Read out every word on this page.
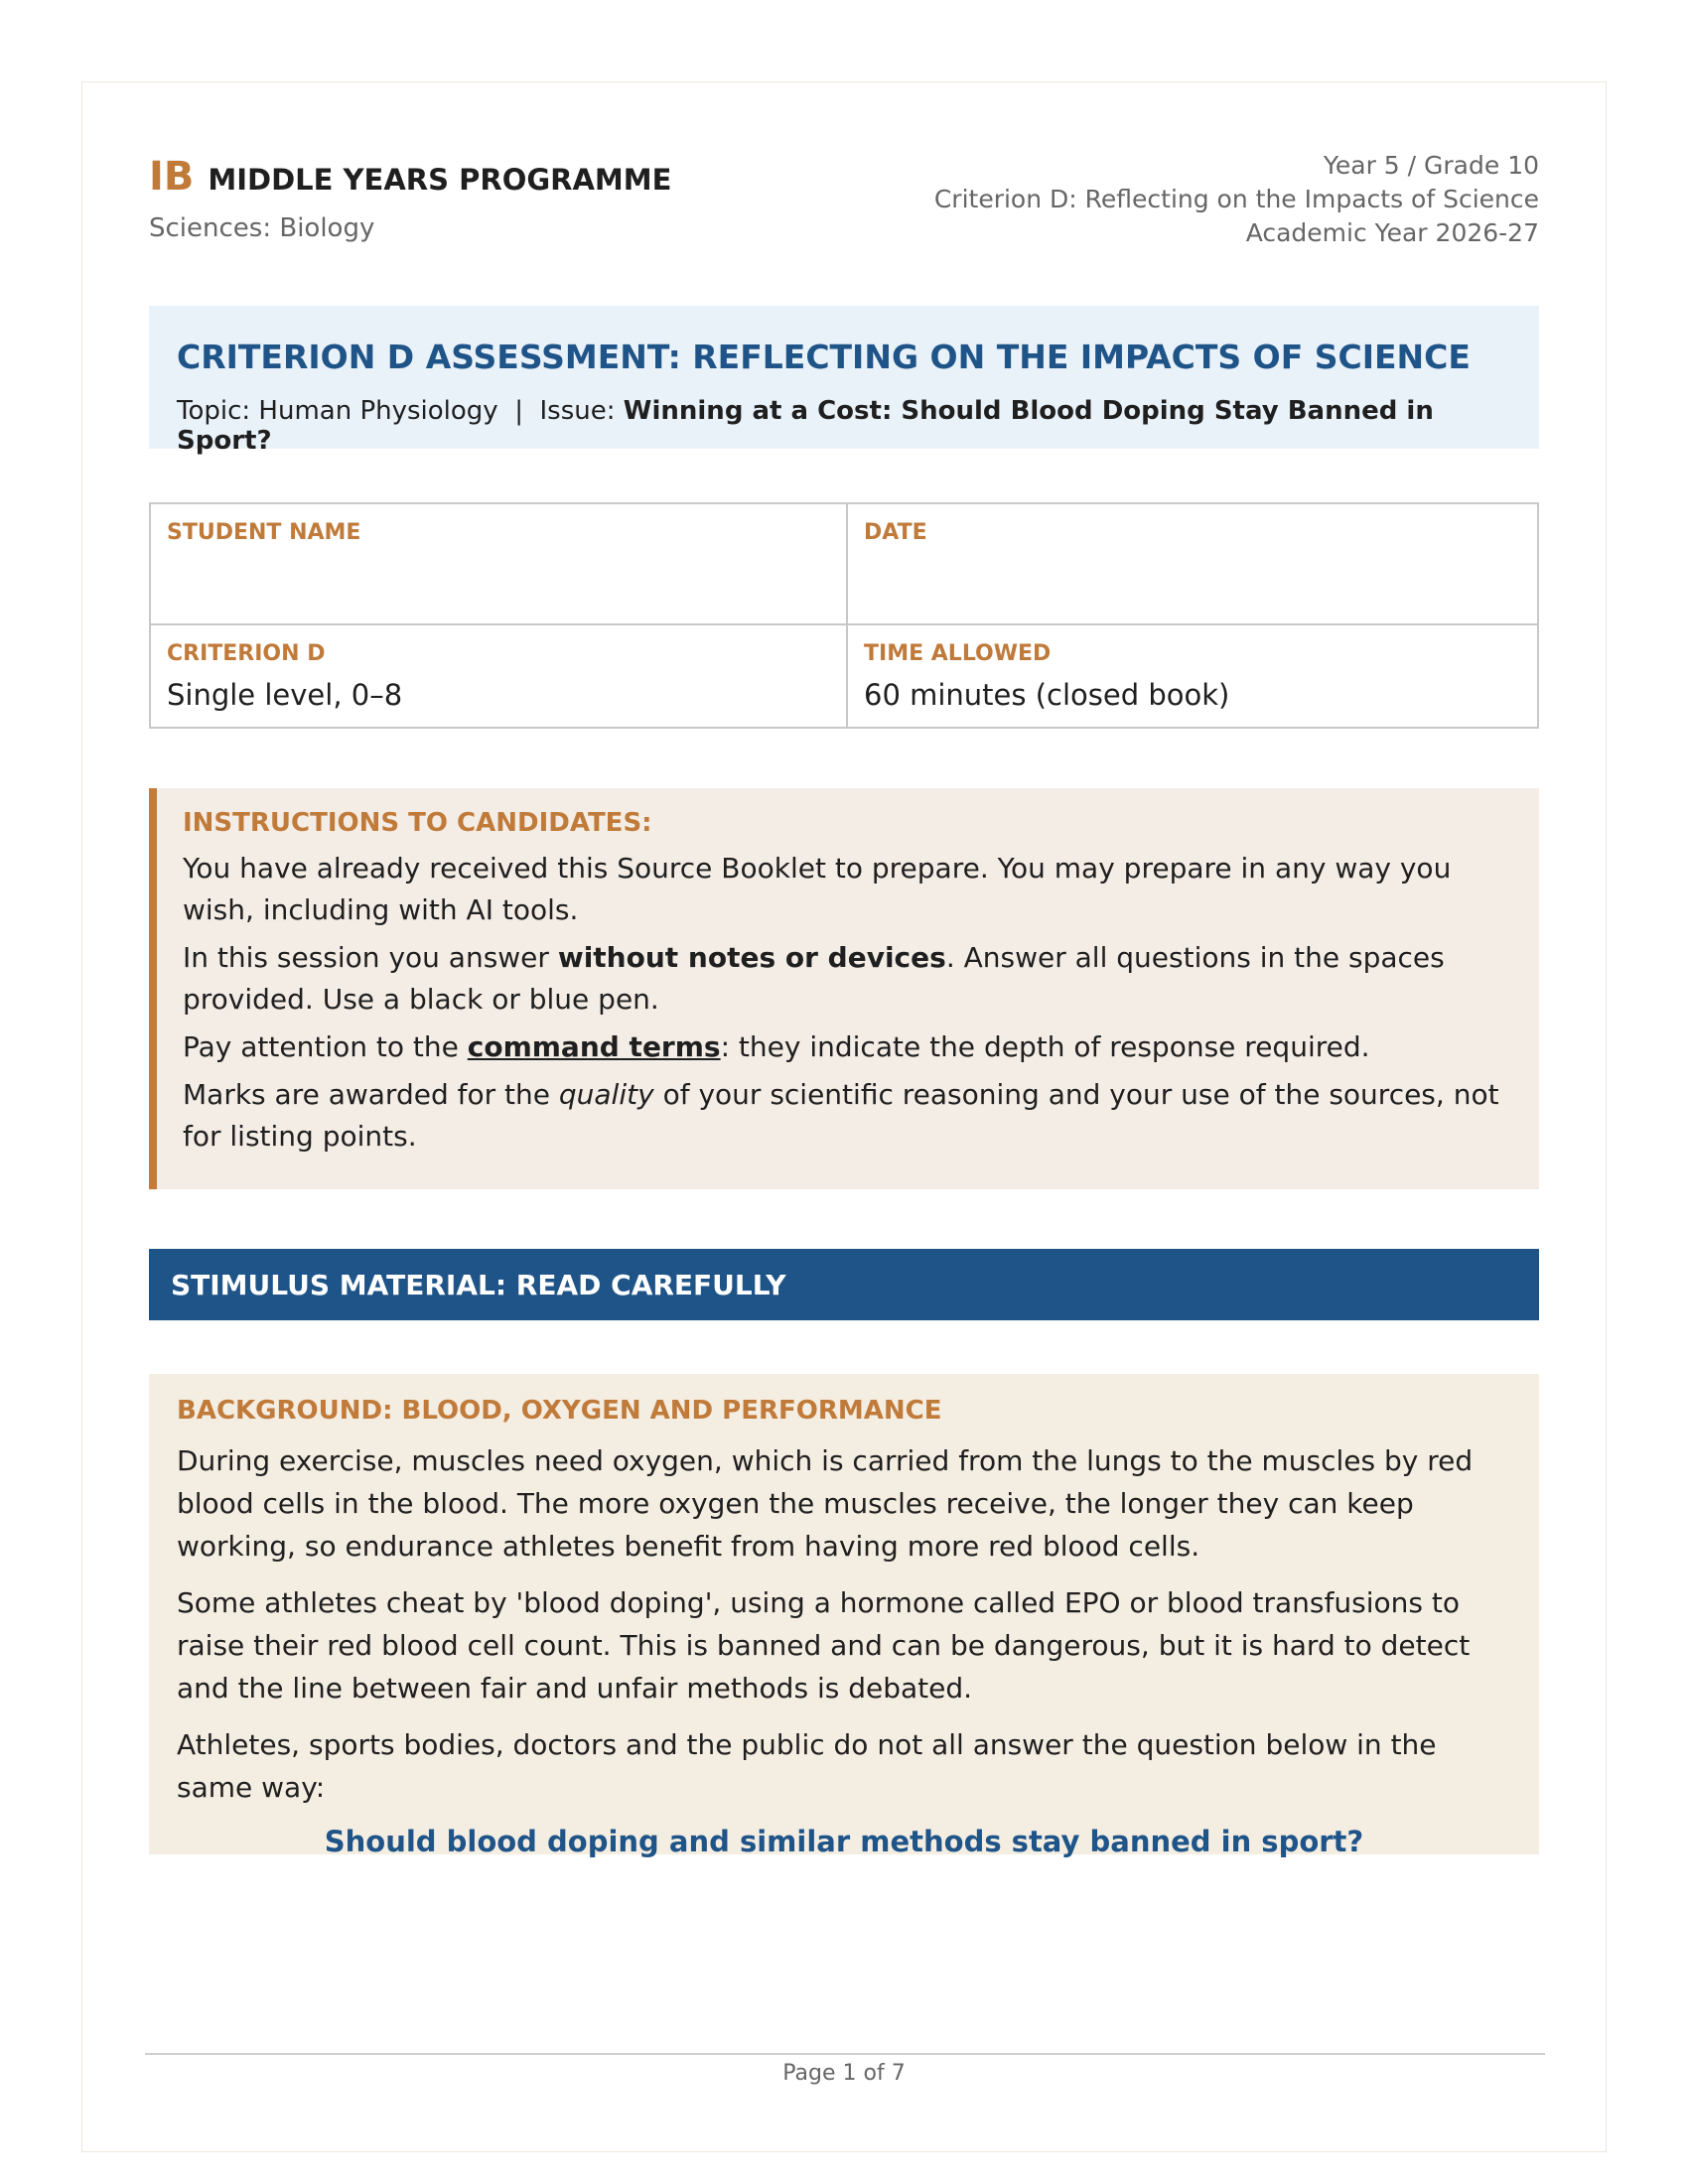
IB MIDDLE YEARS PROGRAMME
Sciences: Biology
Year 5 / Grade 10
Criterion D: Reflecting on the Impacts of Science
Academic Year 2026-27
CRITERION D ASSESSMENT: REFLECTING ON THE IMPACTS OF SCIENCE
Topic: Human Physiology  |  Issue: Winning at a Cost: Should Blood Doping Stay Banned in Sport?
STUDENT NAME	DATE
CRITERION D
Single level, 0–8
TIME ALLOWED
60 minutes (closed book)
INSTRUCTIONS TO CANDIDATES:

You have already received this Source Booklet to prepare. You may prepare in any way you wish, including with AI tools.

In this session you answer without notes or devices. Answer all questions in the spaces provided. Use a black or blue pen.

Pay attention to the command terms: they indicate the depth of response required.

Marks are awarded for the quality of your scientific reasoning and your use of the sources, not for listing points.

STIMULUS MATERIAL: READ CAREFULLY
BACKGROUND: BLOOD, OXYGEN AND PERFORMANCE

During exercise, muscles need oxygen, which is carried from the lungs to the muscles by red blood cells in the blood. The more oxygen the muscles receive, the longer they can keep working, so endurance athletes benefit from having more red blood cells.

Some athletes cheat by 'blood doping', using a hormone called EPO or blood transfusions to raise their red blood cell count. This is banned and can be dangerous, but it is hard to detect and the line between fair and unfair methods is debated.

Athletes, sports bodies, doctors and the public do not all answer the question below in the same way:

Should blood doping and similar methods stay banned in sport?

Page 1 of 7
